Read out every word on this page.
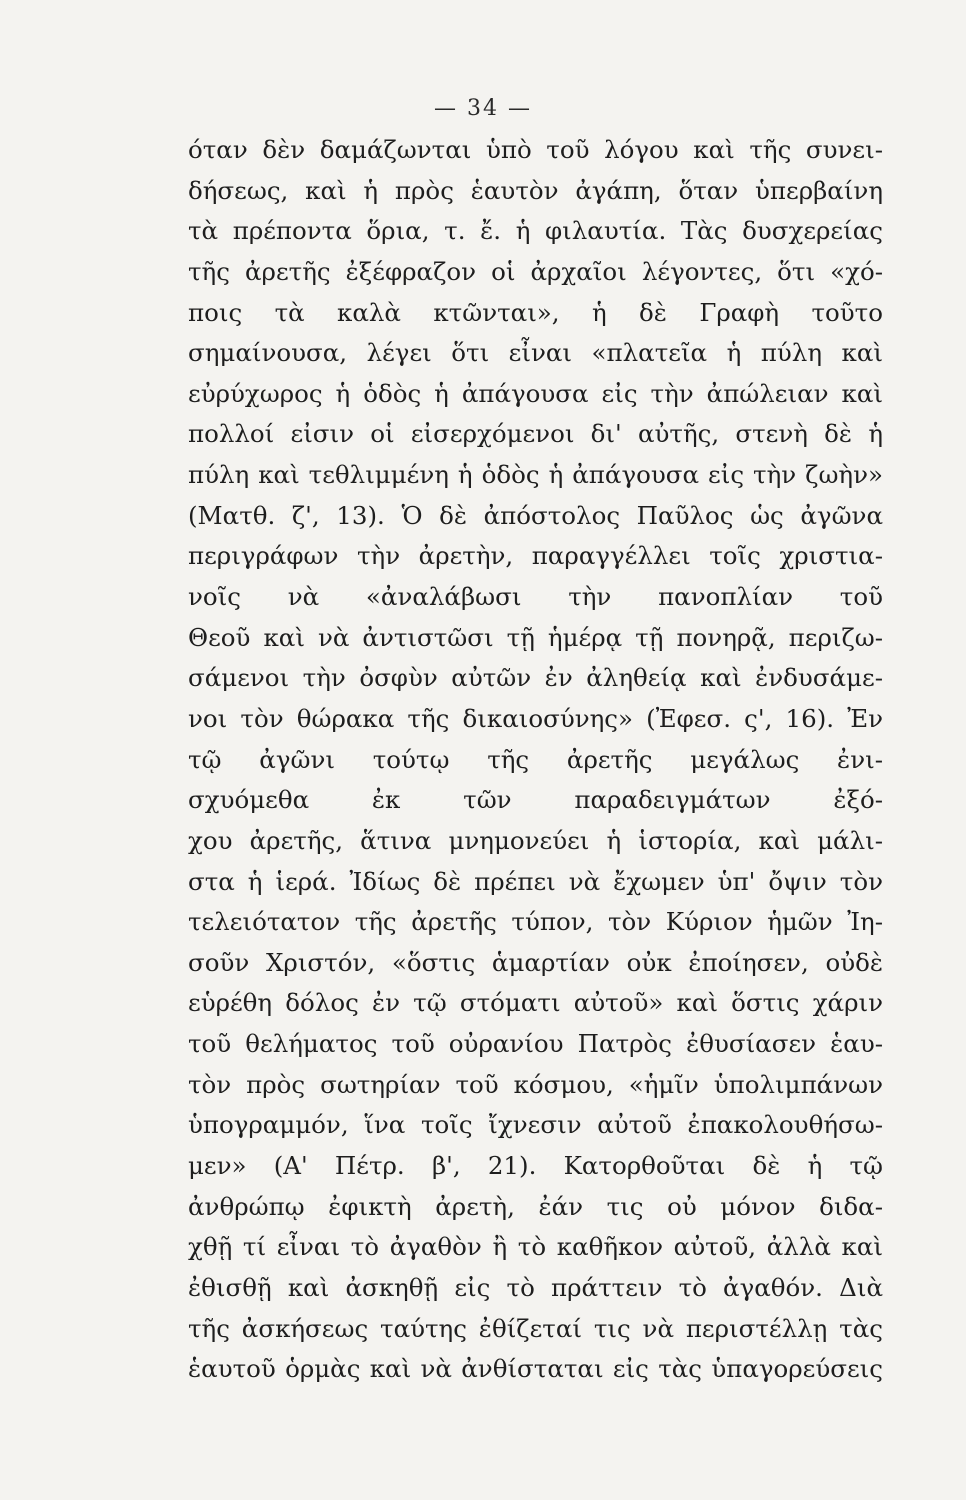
— 34 —
όταν δὲν δαμάζωνται ὑπὸ τοῦ λόγου καὶ τῆς συνει-
δήσεως, καὶ ἡ πρὸς ἑαυτὸν ἀγάπη, ὅταν ὑπερβαίνη
τὰ πρέποντα ὅρια, τ. ἔ. ἡ φιλαυτία. Τὰς δυσχερείας
τῆς ἀρετῆς ἐξέφραζον οἱ ἀρχαῖοι λέγοντες, ὅτι «χό-
ποις τὰ καλὰ κτῶνται», ἡ δὲ Γραφὴ τοῦτο
σημαίνουσα, λέγει ὅτι εἶναι «πλατεῖα ἡ πύλη καὶ
εὐρύχωρος ἡ ὁδὸς ἡ ἀπάγουσα εἰς τὴν ἀπώλειαν καὶ
πολλοί εἰσιν οἱ εἰσερχόμενοι δι' αὐτῆς, στενὴ δὲ ἡ
πύλη καὶ τεθλιμμένη ἡ ὁδὸς ἡ ἀπάγουσα εἰς τὴν ζωὴν»
(Ματθ. ζ', 13). Ὁ δὲ ἀπόστολος Παῦλος ὡς ἀγῶνα
περιγράφων τὴν ἀρετὴν, παραγγέλλει τοῖς χριστια-
νοῖς νὰ «ἀναλάβωσι τὴν πανοπλίαν τοῦ
Θεοῦ καὶ νὰ ἀντιστῶσι τῇ ἡμέρᾳ τῇ πονηρᾷ, περιζω-
σάμενοι τὴν ὀσφὺν αὐτῶν ἐν ἀληθείᾳ καὶ ἐνδυσάμε-
νοι τὸν θώρακα τῆς δικαιοσύνης» (Ἐφεσ. ς', 16). Ἐν
τῷ ἀγῶνι τούτῳ τῆς ἀρετῆς μεγάλως ἐνι-
σχυόμεθα ἐκ τῶν παραδειγμάτων ἐξό-
χου ἀρετῆς, ἅτινα μνημονεύει ἡ ἱστορία, καὶ μάλι-
στα ἡ ἱερά. Ἰδίως δὲ πρέπει νὰ ἔχωμεν ὑπ' ὄψιν τὸν
τελειότατον τῆς ἀρετῆς τύπον, τὸν Κύριον ἡμῶν Ἰη-
σοῦν Χριστόν, «ὅστις ἁμαρτίαν οὐκ ἐποίησεν, οὐδὲ
εὑρέθη δόλος ἐν τῷ στόματι αὐτοῦ» καὶ ὅστις χάριν
τοῦ θελήματος τοῦ οὐρανίου Πατρὸς ἐθυσίασεν ἑαυ-
τὸν πρὸς σωτηρίαν τοῦ κόσμου, «ἡμῖν ὑπολιμπάνων
ὑπογραμμόν, ἵνα τοῖς ἴχνεσιν αὐτοῦ ἐπακολουθήσω-
μεν» (Α' Πέτρ. β', 21). Κατορθοῦται δὲ ἡ τῷ
ἀνθρώπῳ ἐφικτὴ ἀρετὴ, ἐάν τις οὐ μόνον διδα-
χθῇ τί εἶναι τὸ ἀγαθὸν ἢ τὸ καθῆκον αὐτοῦ, ἀλλὰ καὶ
ἐθισθῇ καὶ ἀσκηθῇ εἰς τὸ πράττειν τὸ ἀγαθόν. Διὰ
τῆς ἀσκήσεως ταύτης ἐθίζεταί τις νὰ περιστέλλῃ τὰς
ἑαυτοῦ ὁρμὰς καὶ νὰ ἀνθίσταται εἰς τὰς ὑπαγορεύσεις
